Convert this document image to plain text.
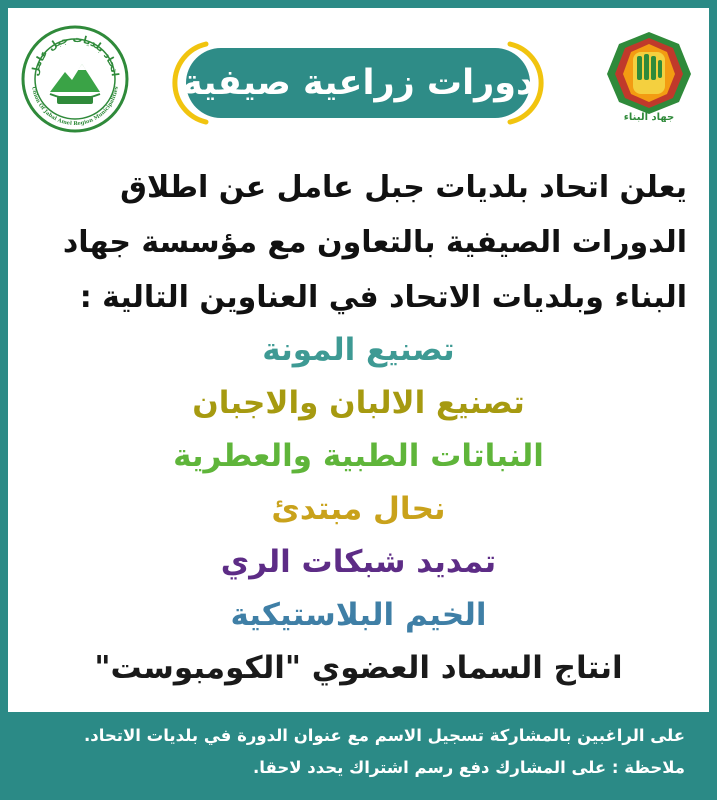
اتحاد بلديات جبل عامل
Union Of Jabal Amel Region Municipalities دورات زراعية صيفية
جهاد البناء
يعلن اتحاد بلديات جبل عامل عن اطلاق
الدورات الصيفية بالتعاون مع مؤسسة جهاد
البناء وبلديات الاتحاد في العناوين التالية :
تصنيع المونة
تصنيع الالبان والاجبان
النباتات الطبية والعطرية
نحال مبتدئ
تمديد شبكات الري
الخيم البلاستيكية
انتاج السماد العضوي "الكومبوست"
على الراغبين بالمشاركة تسجيل الاسم مع عنوان الدورة في بلديات الاتحاد.
ملاحظة : على المشارك دفع رسم اشتراك يحدد لاحقا.
